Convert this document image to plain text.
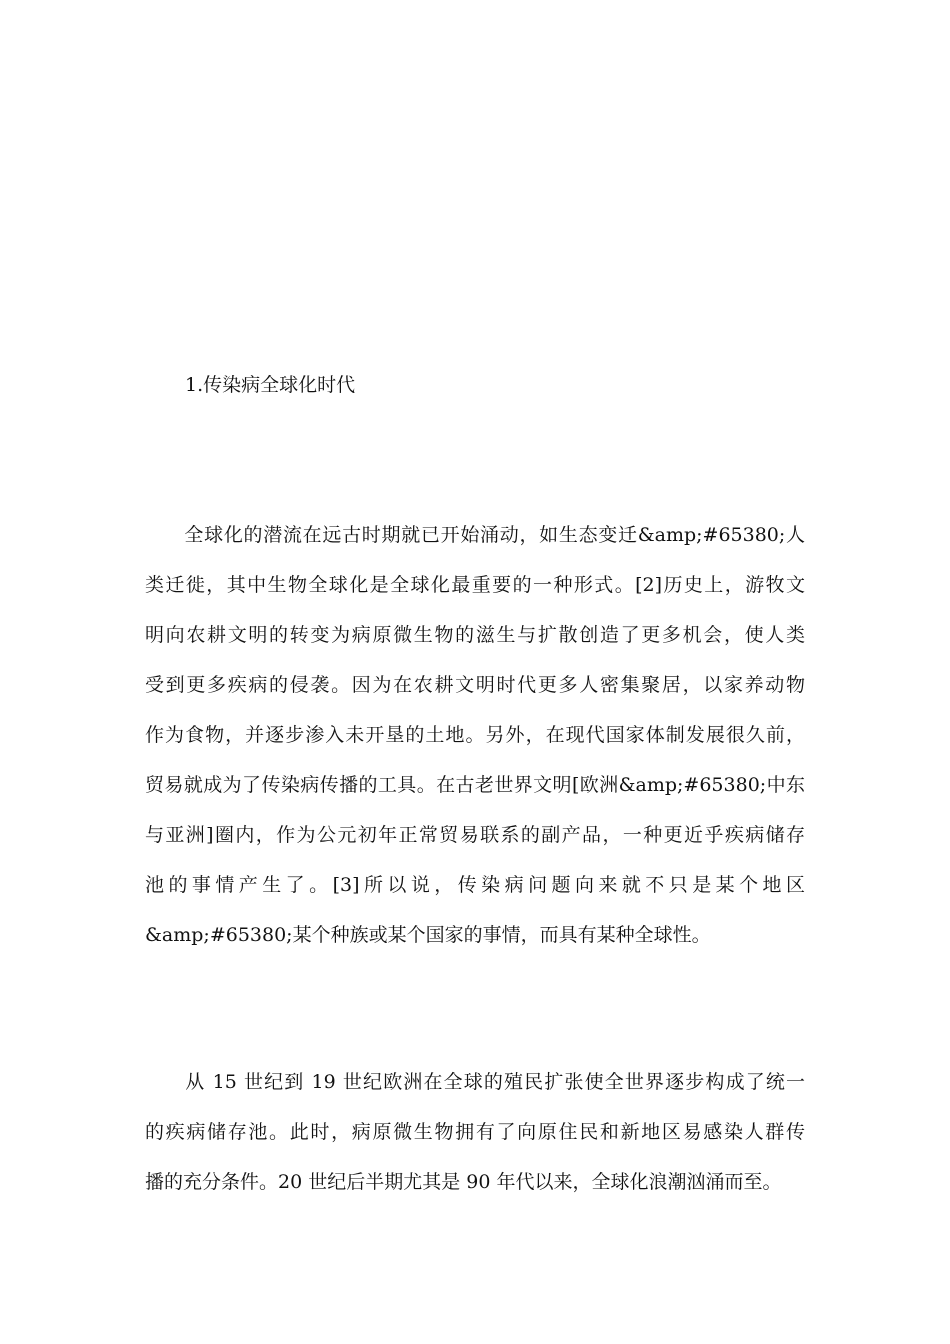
1.传染病全球化时代

　　全球化的潜流在远古时期就已开始涌动，如生态变迁&amp;#65380;人
类迁徙，其中生物全球化是全球化最重要的一种形式。[2]历史上，游牧文
明向农耕文明的转变为病原微生物的滋生与扩散创造了更多机会，使人类
受到更多疾病的侵袭。因为在农耕文明时代更多人密集聚居，以家养动物
作为食物，并逐步渗入未开垦的土地。另外，在现代国家体制发展很久前，
贸易就成为了传染病传播的工具。在古老世界文明[欧洲&amp;#65380;中东
与亚洲]圈内，作为公元初年正常贸易联系的副产品，一种更近乎疾病储存
池的事情产生了。[3]所以说，传染病问题向来就不只是某个地区
&amp;#65380;某个种族或某个国家的事情，而具有某种全球性。

　　从 15 世纪到 19 世纪欧洲在全球的殖民扩张使全世界逐步构成了统一
的疾病储存池。此时，病原微生物拥有了向原住民和新地区易感染人群传
播的充分条件。20 世纪后半期尤其是 90 年代以来，全球化浪潮汹涌而至。
